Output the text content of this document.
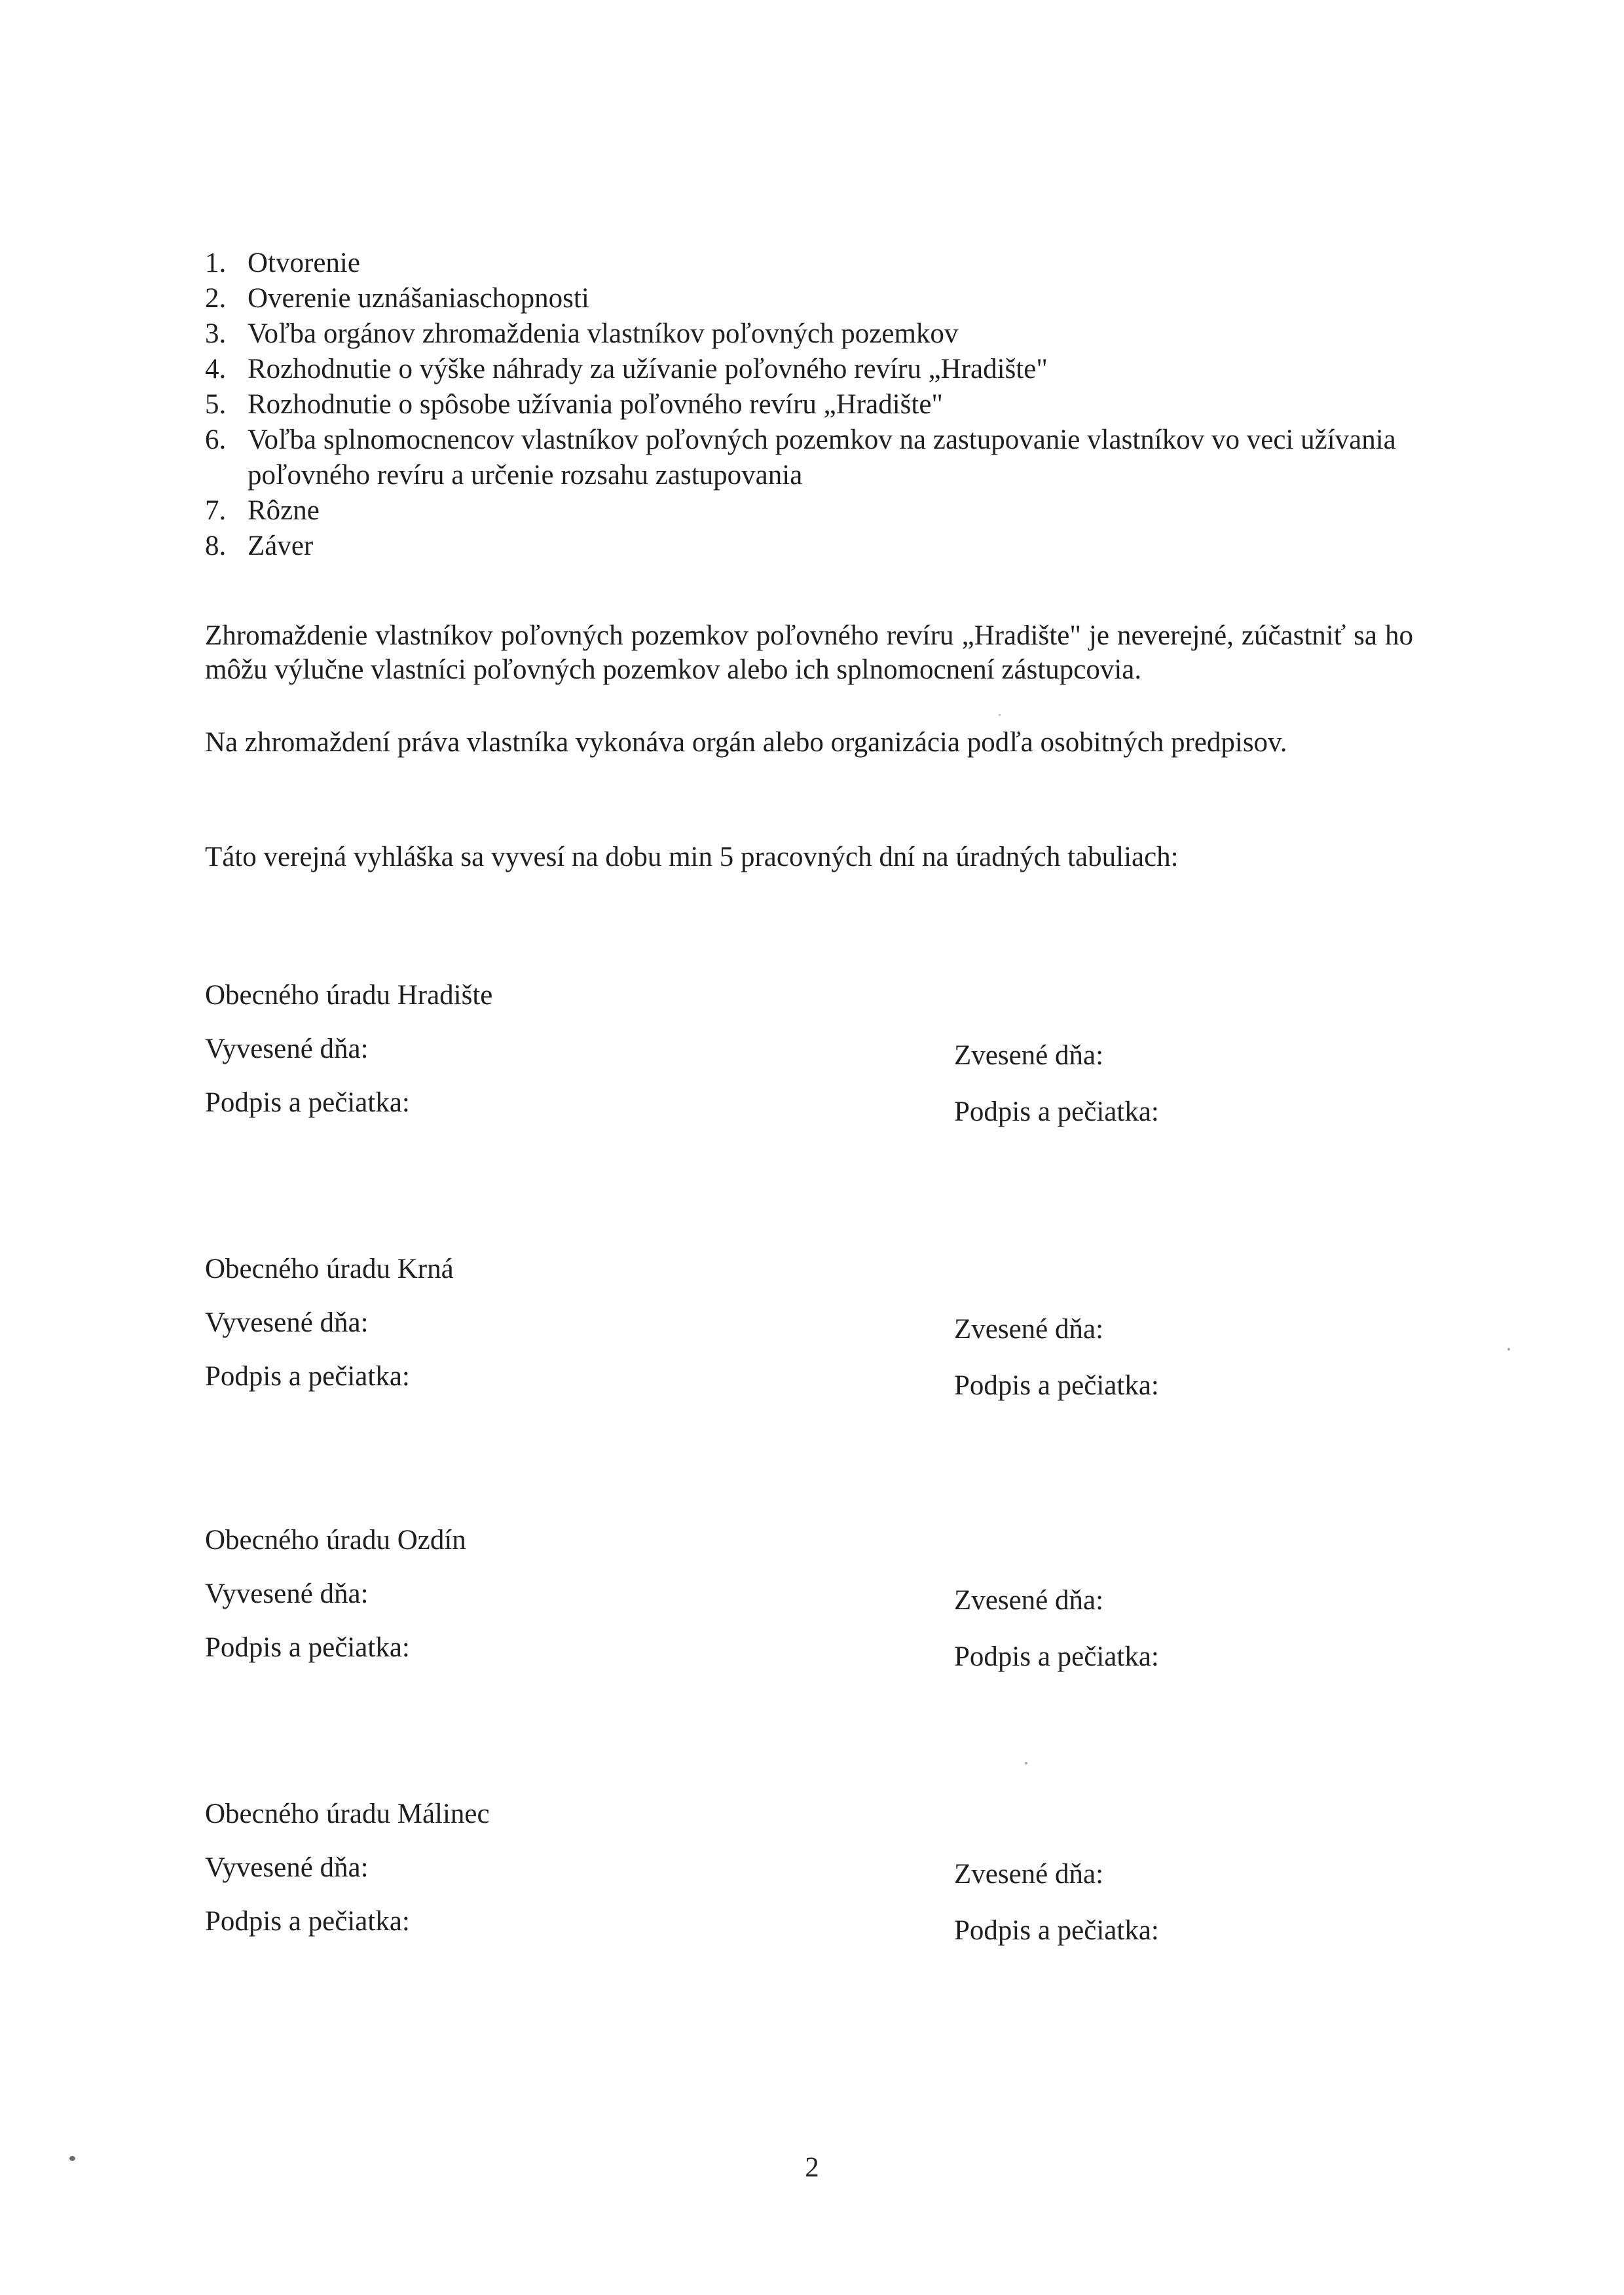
1. Otvorenie
2. Overenie uznášaniaschopnosti
3. Voľba orgánov zhromaždenia vlastníkov poľovných pozemkov
4. Rozhodnutie o výške náhrady za užívanie poľovného revíru „Hradište"
5. Rozhodnutie o spôsobe užívania poľovného revíru „Hradište"
6. Voľba splnomocnencov vlastníkov poľovných pozemkov na zastupovanie vlastníkov vo veci užívania poľovného revíru a určenie rozsahu zastupovania
7. Rôzne
8. Záver

Zhromaždenie vlastníkov poľovných pozemkov poľovného revíru „Hradište" je neverejné, zúčastniť sa ho môžu výlučne vlastníci poľovných pozemkov alebo ich splnomocnení zástupcovia.

Na zhromaždení práva vlastníka vykonáva orgán alebo organizácia podľa osobitných predpisov.

Táto verejná vyhláška sa vyvesí na dobu min 5 pracovných dní na úradných tabuliach:

Obecného úradu Hradište
Vyvesené dňa:
Podpis a pečiatka:
Zvesené dňa:
Podpis a pečiatka:
Obecného úradu Krná
Vyvesené dňa:
Podpis a pečiatka:
Zvesené dňa:
Podpis a pečiatka:
Obecného úradu Ozdín
Vyvesené dňa:
Podpis a pečiatka:
Zvesené dňa:
Podpis a pečiatka:
Obecného úradu Málinec
Vyvesené dňa:
Podpis a pečiatka:
Zvesené dňa:
Podpis a pečiatka:
2
